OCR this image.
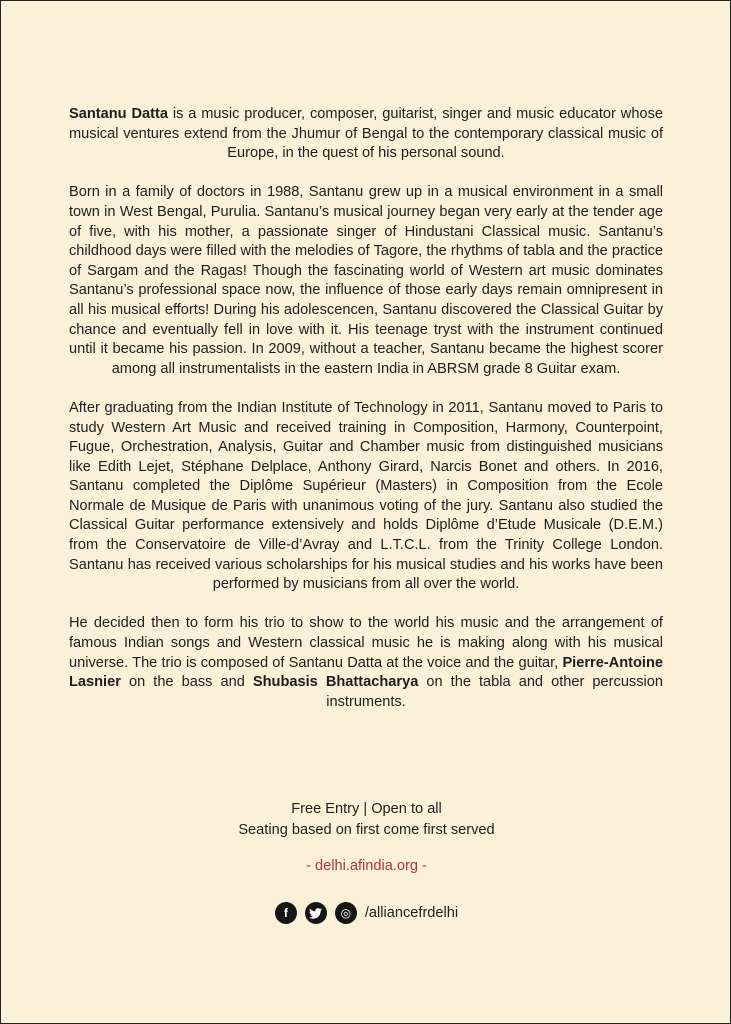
Santanu Datta is a music producer, composer, guitarist, singer and music educator whose musical ventures extend from the Jhumur of Bengal to the contemporary classical music of Europe, in the quest of his personal sound.

Born in a family of doctors in 1988, Santanu grew up in a musical environment in a small town in West Bengal, Purulia. Santanu’s musical journey began very early at the tender age of five, with his mother, a passionate singer of Hindustani Classical music. Santanu’s childhood days were filled with the melodies of Tagore, the rhythms of tabla and the practice of Sargam and the Ragas! Though the fascinating world of Western art music dominates Santanu’s professional space now, the influence of those early days remain omnipresent in all his musical efforts! During his adolescencen, Santanu discovered the Classical Guitar by chance and eventually fell in love with it. His teenage tryst with the instrument continued until it became his passion. In 2009, without a teacher, Santanu became the highest scorer among all instrumentalists in the eastern India in ABRSM grade 8 Guitar exam.

After graduating from the Indian Institute of Technology in 2011, Santanu moved to Paris to study Western Art Music and received training in Composition, Harmony, Counterpoint, Fugue, Orchestration, Analysis, Guitar and Chamber music from distinguished musicians like Edith Lejet, Stéphane Delplace, Anthony Girard, Narcis Bonet and others. In 2016, Santanu completed the Diplôme Supérieur (Masters) in Composition from the Ecole Normale de Musique de Paris with unanimous voting of the jury. Santanu also studied the Classical Guitar performance extensively and holds Diplôme d’Etude Musicale (D.E.M.) from the Conservatoire de Ville-d’Avray and L.T.C.L. from the Trinity College London. Santanu has received various scholarships for his musical studies and his works have been performed by musicians from all over the world.

He decided then to form his trio to show to the world his music and the arrangement of famous Indian songs and Western classical music he is making along with his musical universe. The trio is composed of Santanu Datta at the voice and the guitar, Pierre-Antoine Lasnier on the bass and Shubasis Bhattacharya on the tabla and other percussion instruments.

Free Entry | Open to all
Seating based on first come first served
- delhi.afindia.org -
f	◎ /alliancefrdelhi
